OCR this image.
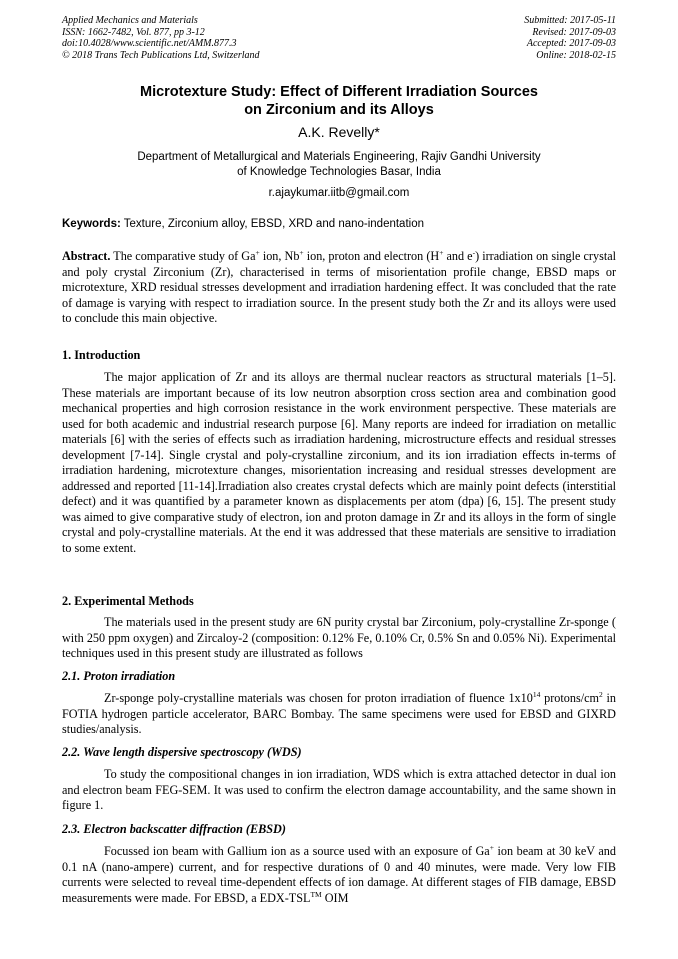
Applied Mechanics and Materials
ISSN: 1662-7482, Vol. 877, pp 3-12
doi:10.4028/www.scientific.net/AMM.877.3
© 2018 Trans Tech Publications Ltd, Switzerland
Submitted: 2017-05-11
Revised: 2017-09-03
Accepted: 2017-09-03
Online: 2018-02-15
Microtexture Study: Effect of Different Irradiation Sources
on Zirconium and its Alloys
A.K. Revelly*
Department of Metallurgical and Materials Engineering, Rajiv Gandhi University
of Knowledge Technologies Basar, India
r.ajaykumar.iitb@gmail.com
Keywords: Texture, Zirconium alloy, EBSD, XRD and nano-indentation

Abstract. The comparative study of Ga+ ion, Nb+ ion, proton and electron (H+ and e-) irradiation on single crystal and poly crystal Zirconium (Zr), characterised in terms of misorientation profile change, EBSD maps or microtexture, XRD residual stresses development and irradiation hardening effect. It was concluded that the rate of damage is varying with respect to irradiation source. In the present study both the Zr and its alloys were used to conclude this main objective.

1. Introduction
The major application of Zr and its alloys are thermal nuclear reactors as structural materials [1–5]. These materials are important because of its low neutron absorption cross section area and combination good mechanical properties and high corrosion resistance in the work environment perspective. These materials are used for both academic and industrial research purpose [6]. Many reports are indeed for irradiation on metallic materials [6] with the series of effects such as irradiation hardening, microstructure effects and residual stresses development [7-14]. Single crystal and poly-crystalline zirconium, and its ion irradiation effects in-terms of irradiation hardening, microtexture changes, misorientation increasing and residual stresses development are addressed and reported [11-14].Irradiation also creates crystal defects which are mainly point defects (interstitial defect) and it was quantified by a parameter known as displacements per atom (dpa) [6, 15]. The present study was aimed to give comparative study of electron, ion and proton damage in Zr and its alloys in the form of single crystal and poly-crystalline materials. At the end it was addressed that these materials are sensitive to irradiation to some extent.
2. Experimental Methods
The materials used in the present study are 6N purity crystal bar Zirconium, poly-crystalline Zr-sponge ( with 250 ppm oxygen) and Zircaloy-2 (composition: 0.12% Fe, 0.10% Cr, 0.5% Sn and 0.05% Ni). Experimental techniques used in this present study are illustrated as follows
2.1. Proton irradiation

Zr-sponge poly-crystalline materials was chosen for proton irradiation of fluence $1x10^{14}$ protons/$cm^2$ in FOTIA hydrogen particle accelerator, BARC Bombay. The same specimens were used for EBSD and GIXRD studies/analysis.

2.2. Wave length dispersive spectroscopy (WDS)
To study the compositional changes in ion irradiation, WDS which is extra attached detector in dual ion and electron beam FEG-SEM. It was used to confirm the electron damage accountability, and the same shown in figure 1.
2.3. Electron backscatter diffraction (EBSD)

Focussed ion beam with Gallium ion as a source used with an exposure of Ga+ ion beam at 30 keV and 0.1 nA (nano-ampere) current, and for respective durations of 0 and 40 minutes, were made. Very low FIB currents were selected to reveal time-dependent effects of ion damage. At different stages of FIB damage, EBSD measurements were made. For EBSD, a EDX-TSL™ OIM
